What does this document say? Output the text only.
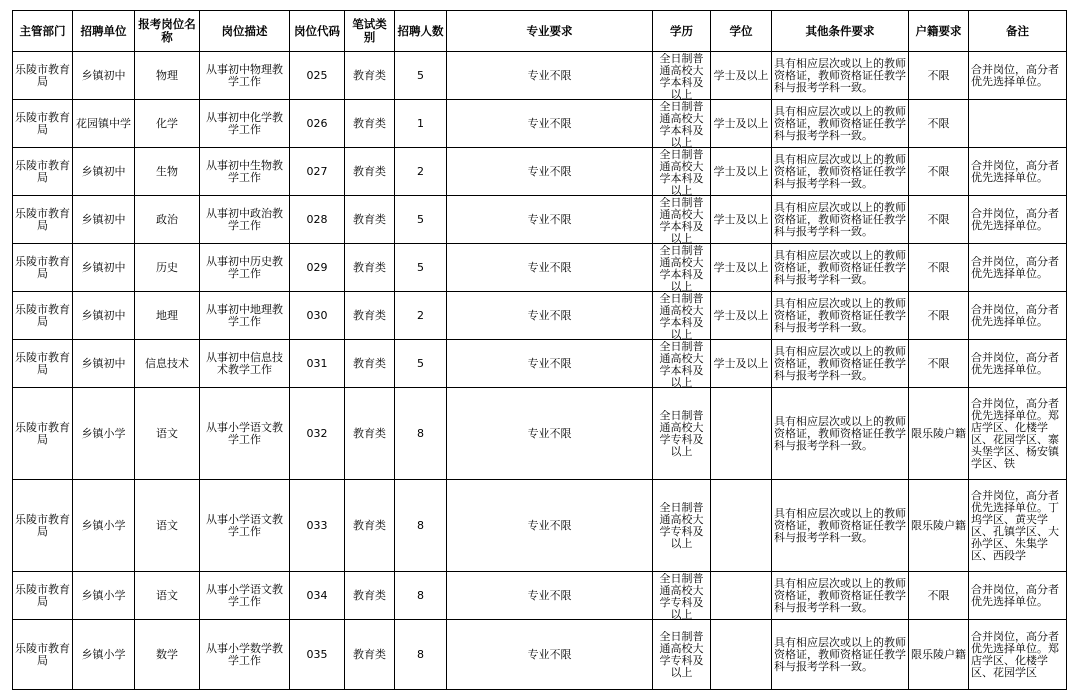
主管部门	招聘单位	报考岗位名称	岗位描述	岗位代码	笔试类别	招聘人数	专业要求	学历	学位	其他条件要求	户籍要求	备注
乐陵市教育局	乡镇初中	物理	从事初中物理教学工作	025	教育类	5	专业不限	全日制普通高校大学本科及以上	学士及以上	具有相应层次或以上的教师资格证，教师资格证任教学科与报考学科一致。	不限	合并岗位，高分者优先选择单位。

乐陵市教育局	花园镇中学	化学	从事初中化学教学工作	026	教育类	1	专业不限	全日制普通高校大学本科及以上	学士及以上	具有相应层次或以上的教师资格证，教师资格证任教学科与报考学科一致。	不限	

乐陵市教育局	乡镇初中	生物	从事初中生物教学工作	027	教育类	2	专业不限	全日制普通高校大学本科及以上	学士及以上	具有相应层次或以上的教师资格证，教师资格证任教学科与报考学科一致。	不限	合并岗位，高分者优先选择单位。

乐陵市教育局	乡镇初中	政治	从事初中政治教学工作	028	教育类	5	专业不限	全日制普通高校大学本科及以上	学士及以上	具有相应层次或以上的教师资格证，教师资格证任教学科与报考学科一致。	不限	合并岗位，高分者优先选择单位。

乐陵市教育局	乡镇初中	历史	从事初中历史教学工作	029	教育类	5	专业不限	全日制普通高校大学本科及以上	学士及以上	具有相应层次或以上的教师资格证，教师资格证任教学科与报考学科一致。	不限	合并岗位，高分者优先选择单位。

乐陵市教育局	乡镇初中	地理	从事初中地理教学工作	030	教育类	2	专业不限	全日制普通高校大学本科及以上	学士及以上	具有相应层次或以上的教师资格证，教师资格证任教学科与报考学科一致。	不限	合并岗位，高分者优先选择单位。

乐陵市教育局	乡镇初中	信息技术	从事初中信息技术教学工作	031	教育类	5	专业不限	全日制普通高校大学本科及以上	学士及以上	具有相应层次或以上的教师资格证，教师资格证任教学科与报考学科一致。	不限	合并岗位，高分者优先选择单位。

乐陵市教育局	乡镇小学	语文	从事小学语文教学工作	032	教育类	8	专业不限	全日制普通高校大学专科及以上		具有相应层次或以上的教师资格证，教师资格证任教学科与报考学科一致。	限乐陵户籍	合并岗位，高分者优先选择单位。郑店学区、化楼学区、花园学区、寨头堡学区、杨安镇学区、铁

乐陵市教育局	乡镇小学	语文	从事小学语文教学工作	033	教育类	8	专业不限	全日制普通高校大学专科及以上		具有相应层次或以上的教师资格证，教师资格证任教学科与报考学科一致。	限乐陵户籍	合并岗位，高分者优先选择单位。丁坞学区、黄夹学区、孔镇学区、大孙学区、朱集学区、西段学

乐陵市教育局	乡镇小学	语文	从事小学语文教学工作	034	教育类	8	专业不限	全日制普通高校大学专科及以上		具有相应层次或以上的教师资格证，教师资格证任教学科与报考学科一致。	不限	合并岗位，高分者优先选择单位。

乐陵市教育局	乡镇小学	数学	从事小学数学教学工作	035	教育类	8	专业不限	全日制普通高校大学专科及以上		具有相应层次或以上的教师资格证，教师资格证任教学科与报考学科一致。	限乐陵户籍	合并岗位，高分者优先选择单位。郑店学区、化楼学区、花园学区
